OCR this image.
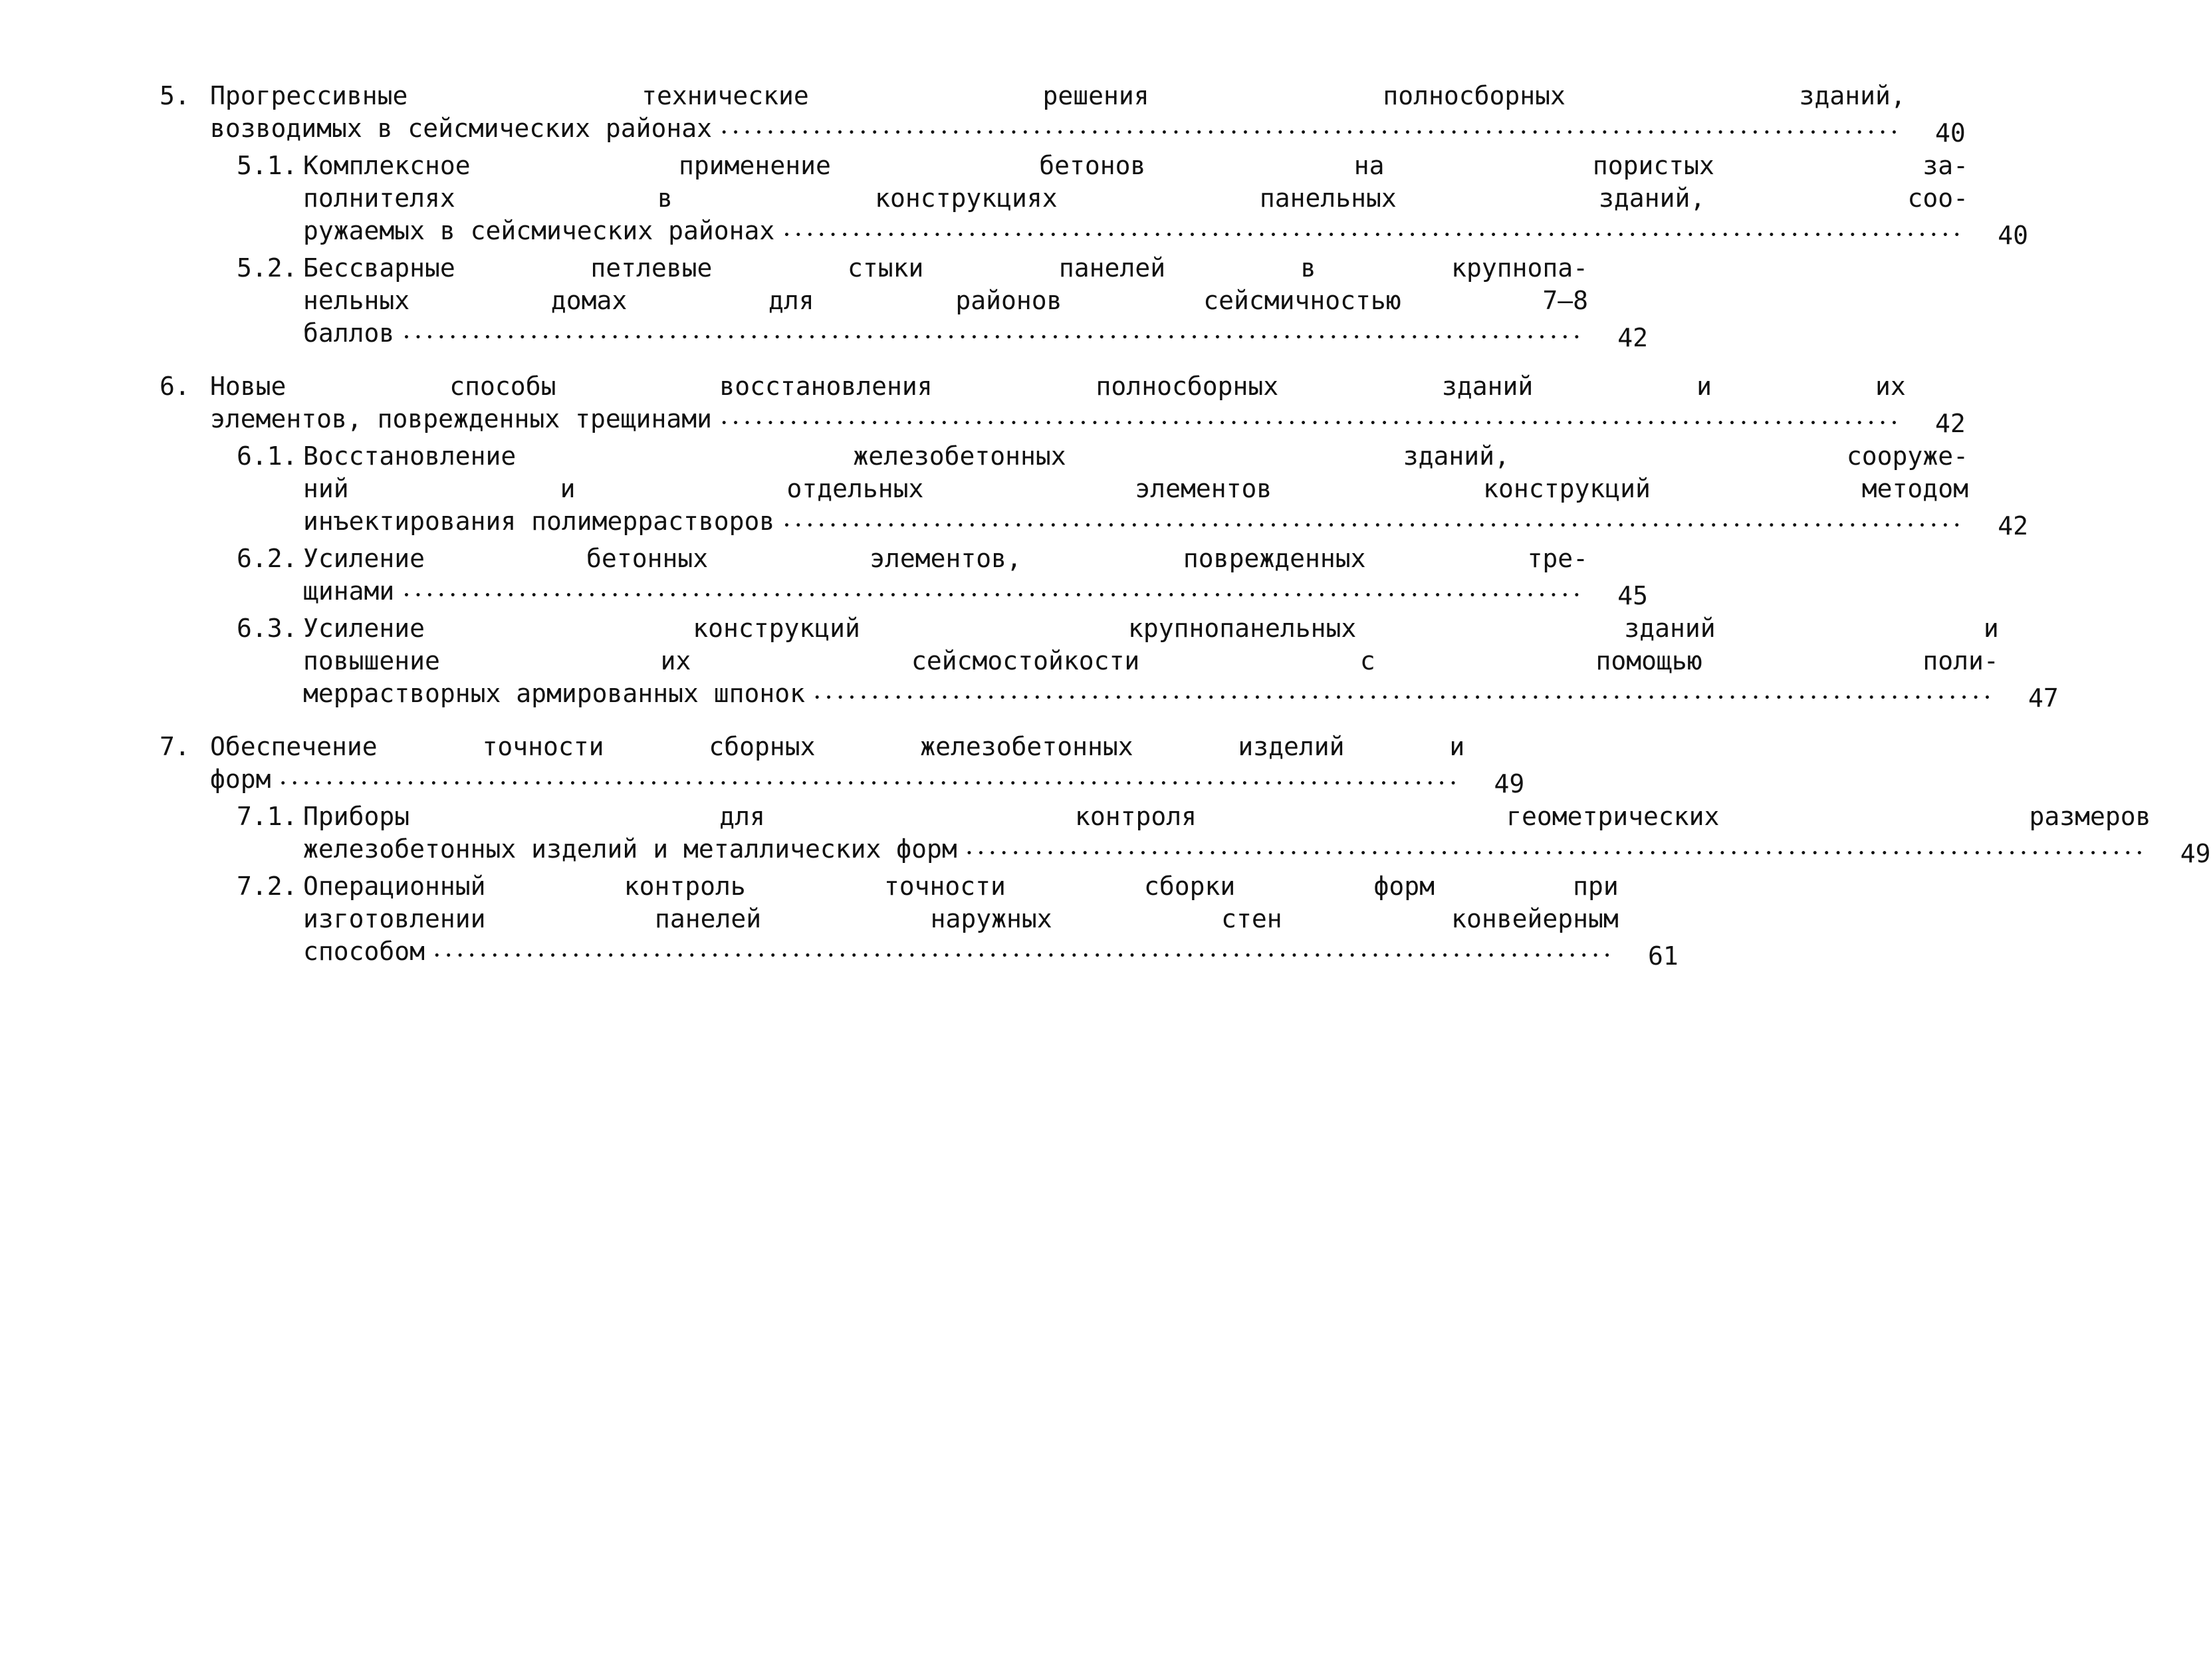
5. Прогрессивные технические решения полносборных зданий,
возводимых в сейсмических районах •••••	40
5.1. Комплексное применение бетонов на пористых за-
полнителях в конструкциях панельных зданий, соо-
ружаемых в сейсмических районах •••••	40
5.2. Бессварные петлевые стыки панелей в крупнопа-
нельных домах для районов сейсмичностью 7–8
баллов •••••	42
6. Новые способы восстановления полносборных зданий и их
элементов, поврежденных трещинами •••••	42
6.1. Восстановление железобетонных зданий, сооруже-
ний и отдельных элементов конструкций методом
инъектирования полимеррастворов •••••	42
6.2. Усиление бетонных элементов, поврежденных тре-
щинами •••••	45
6.3. Усиление конструкций крупнопанельных зданий и
повышение их сейсмостойкости с помощью поли-
меррастворных армированных шпонок •••••	47
7. Обеспечение точности сборных железобетонных изделий и
форм •••••	49
7.1. Приборы для контроля геометрических размеров
железобетонных изделий и металлических форм •••••	49
7.2. Операционный контроль точности сборки форм при
изготовлении панелей наружных стен конвейерным
способом •••••	61
